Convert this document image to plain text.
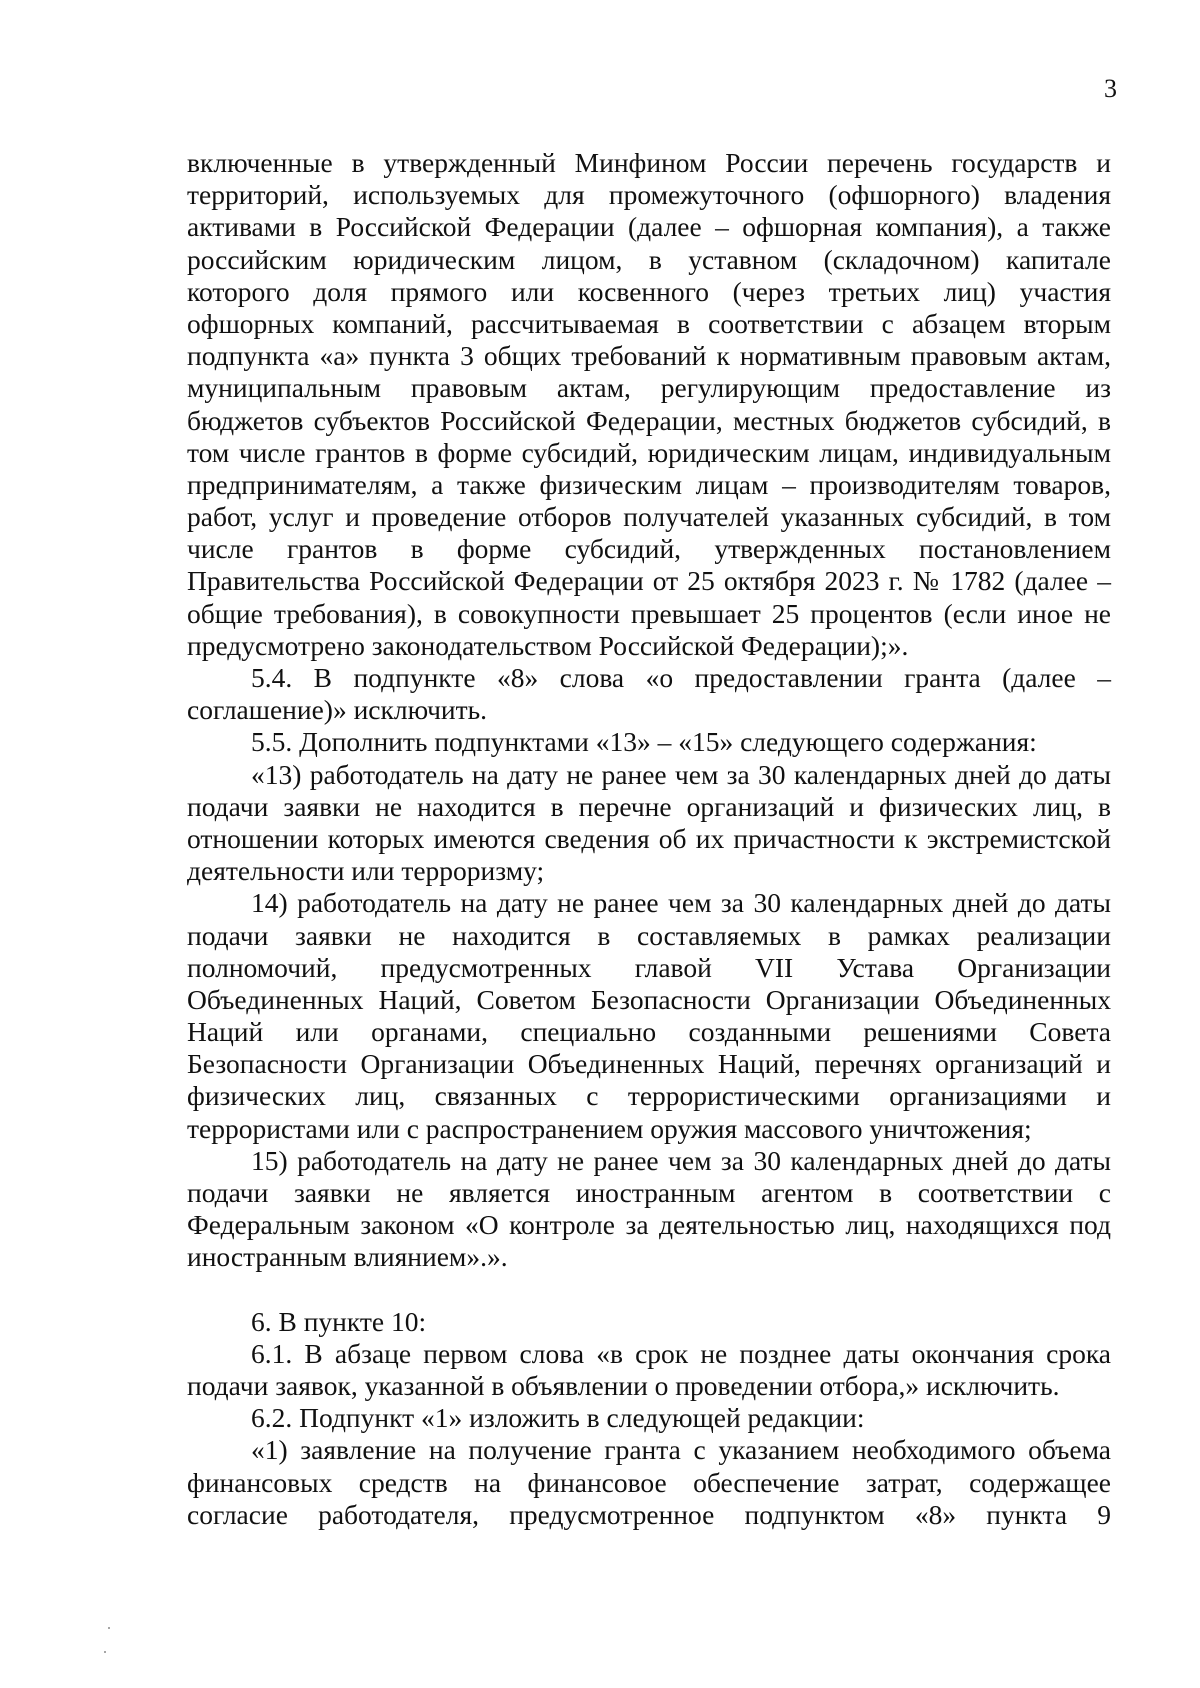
3
включенные в утвержденный Минфином России перечень государств и
территорий, используемых для промежуточного (офшорного) владения
активами в Российской Федерации (далее – офшорная компания), а также
российским юридическим лицом, в уставном (складочном) капитале
которого доля прямого или косвенного (через третьих лиц) участия
офшорных компаний, рассчитываемая в соответствии с абзацем вторым
подпункта «а» пункта 3 общих требований к нормативным правовым актам,
муниципальным правовым актам, регулирующим предоставление из
бюджетов субъектов Российской Федерации, местных бюджетов субсидий, в
том числе грантов в форме субсидий, юридическим лицам, индивидуальным
предпринимателям, а также физическим лицам – производителям товаров,
работ, услуг и проведение отборов получателей указанных субсидий, в том
числе грантов в форме субсидий, утвержденных постановлением
Правительства Российской Федерации от 25 октября 2023 г. № 1782 (далее –
общие требования), в совокупности превышает 25 процентов (если иное не
предусмотрено законодательством Российской Федерации);».
5.4. В подпункте «8» слова «о предоставлении гранта (далее –
соглашение)» исключить.
5.5. Дополнить подпунктами «13» – «15» следующего содержания:
«13) работодатель на дату не ранее чем за 30 календарных дней до даты
подачи заявки не находится в перечне организаций и физических лиц, в
отношении которых имеются сведения об их причастности к экстремистской
деятельности или терроризму;
14) работодатель на дату не ранее чем за 30 календарных дней до даты
подачи заявки не находится в составляемых в рамках реализации
полномочий, предусмотренных главой VII Устава Организации
Объединенных Наций, Советом Безопасности Организации Объединенных
Наций или органами, специально созданными решениями Совета
Безопасности Организации Объединенных Наций, перечнях организаций и
физических лиц, связанных с террористическими организациями и
террористами или с распространением оружия массового уничтожения;
15) работодатель на дату не ранее чем за 30 календарных дней до даты
подачи заявки не является иностранным агентом в соответствии с
Федеральным законом «О контроле за деятельностью лиц, находящихся под
иностранным влиянием».».
6. В пункте 10:
6.1. В абзаце первом слова «в срок не позднее даты окончания срока
подачи заявок, указанной в объявлении о проведении отбора,» исключить.
6.2. Подпункт «1» изложить в следующей редакции:
«1) заявление на получение гранта с указанием необходимого объема
финансовых средств на финансовое обеспечение затрат, содержащее
согласие работодателя, предусмотренное подпунктом «8» пункта 9
